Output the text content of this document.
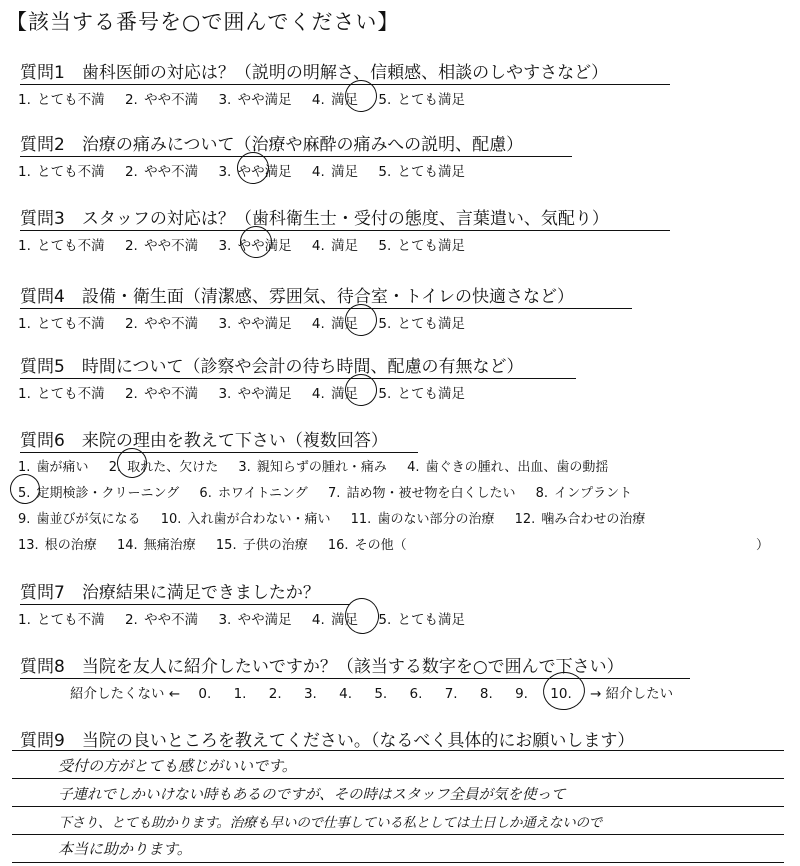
【該当する番号を○で囲んでください】
質問1　 歯科医師の対応は？（説明の明解さ、信頼感、相談のしやすさなど）
1. とても不満 2. やや不満 3. やや満足 4. 満足 5. とても満足
質問2　 治療の痛みについて（治療や麻酔の痛みへの説明、配慮）
1. とても不満 2. やや不満 3. やや満足 4. 満足 5. とても満足
質問3　 スタッフの対応は？（歯科衛生士・受付の態度、言葉遣い、気配り）
1. とても不満 2. やや不満 3. やや満足 4. 満足 5. とても満足
質問4　 設備・衛生面（清潔感、雰囲気、待合室・トイレの快適さなど）
1. とても不満 2. やや不満 3. やや満足 4. 満足 5. とても満足
質問5　 時間について（診察や会計の待ち時間、配慮の有無など）
1. とても不満 2. やや不満 3. やや満足 4. 満足 5. とても満足
質問6　 来院の理由を教えて下さい（複数回答）
1. 歯が痛い 2. 取れた、欠けた 3. 親知らずの腫れ・痛み 4. 歯ぐきの腫れ、出血、歯の動揺
5. 定期検診・クリーニング 6. ホワイトニング 7. 詰め物・被せ物を白くしたい 8. インプラント
9. 歯並びが気になる 10. 入れ歯が合わない・痛い 11. 歯のない部分の治療 12. 噛み合わせの治療
13. 根の治療 14. 無痛治療 15. 子供の治療 16. その他（	）
質問7　 治療結果に満足できましたか？
1. とても不満 2. やや不満 3. やや満足 4. 満足 5. とても満足
質問8　 当院を友人に紹介したいですか？（該当する数字を○で囲んで下さい）
紹介したくない ← 0. 1. 2. 3. 4. 5. 6. 7. 8. 9. 10. → 紹介したい
質問9　 当院の良いところを教えてください。（なるべく具体的にお願いします）
受付の方がとても感じがいいです。
子連れでしかいけない時もあるのですが、その時はスタッフ全員が気を使って
下さり、とても助かります。治療も早いので仕事している私としては土日しか通えないので
本当に助かります。
